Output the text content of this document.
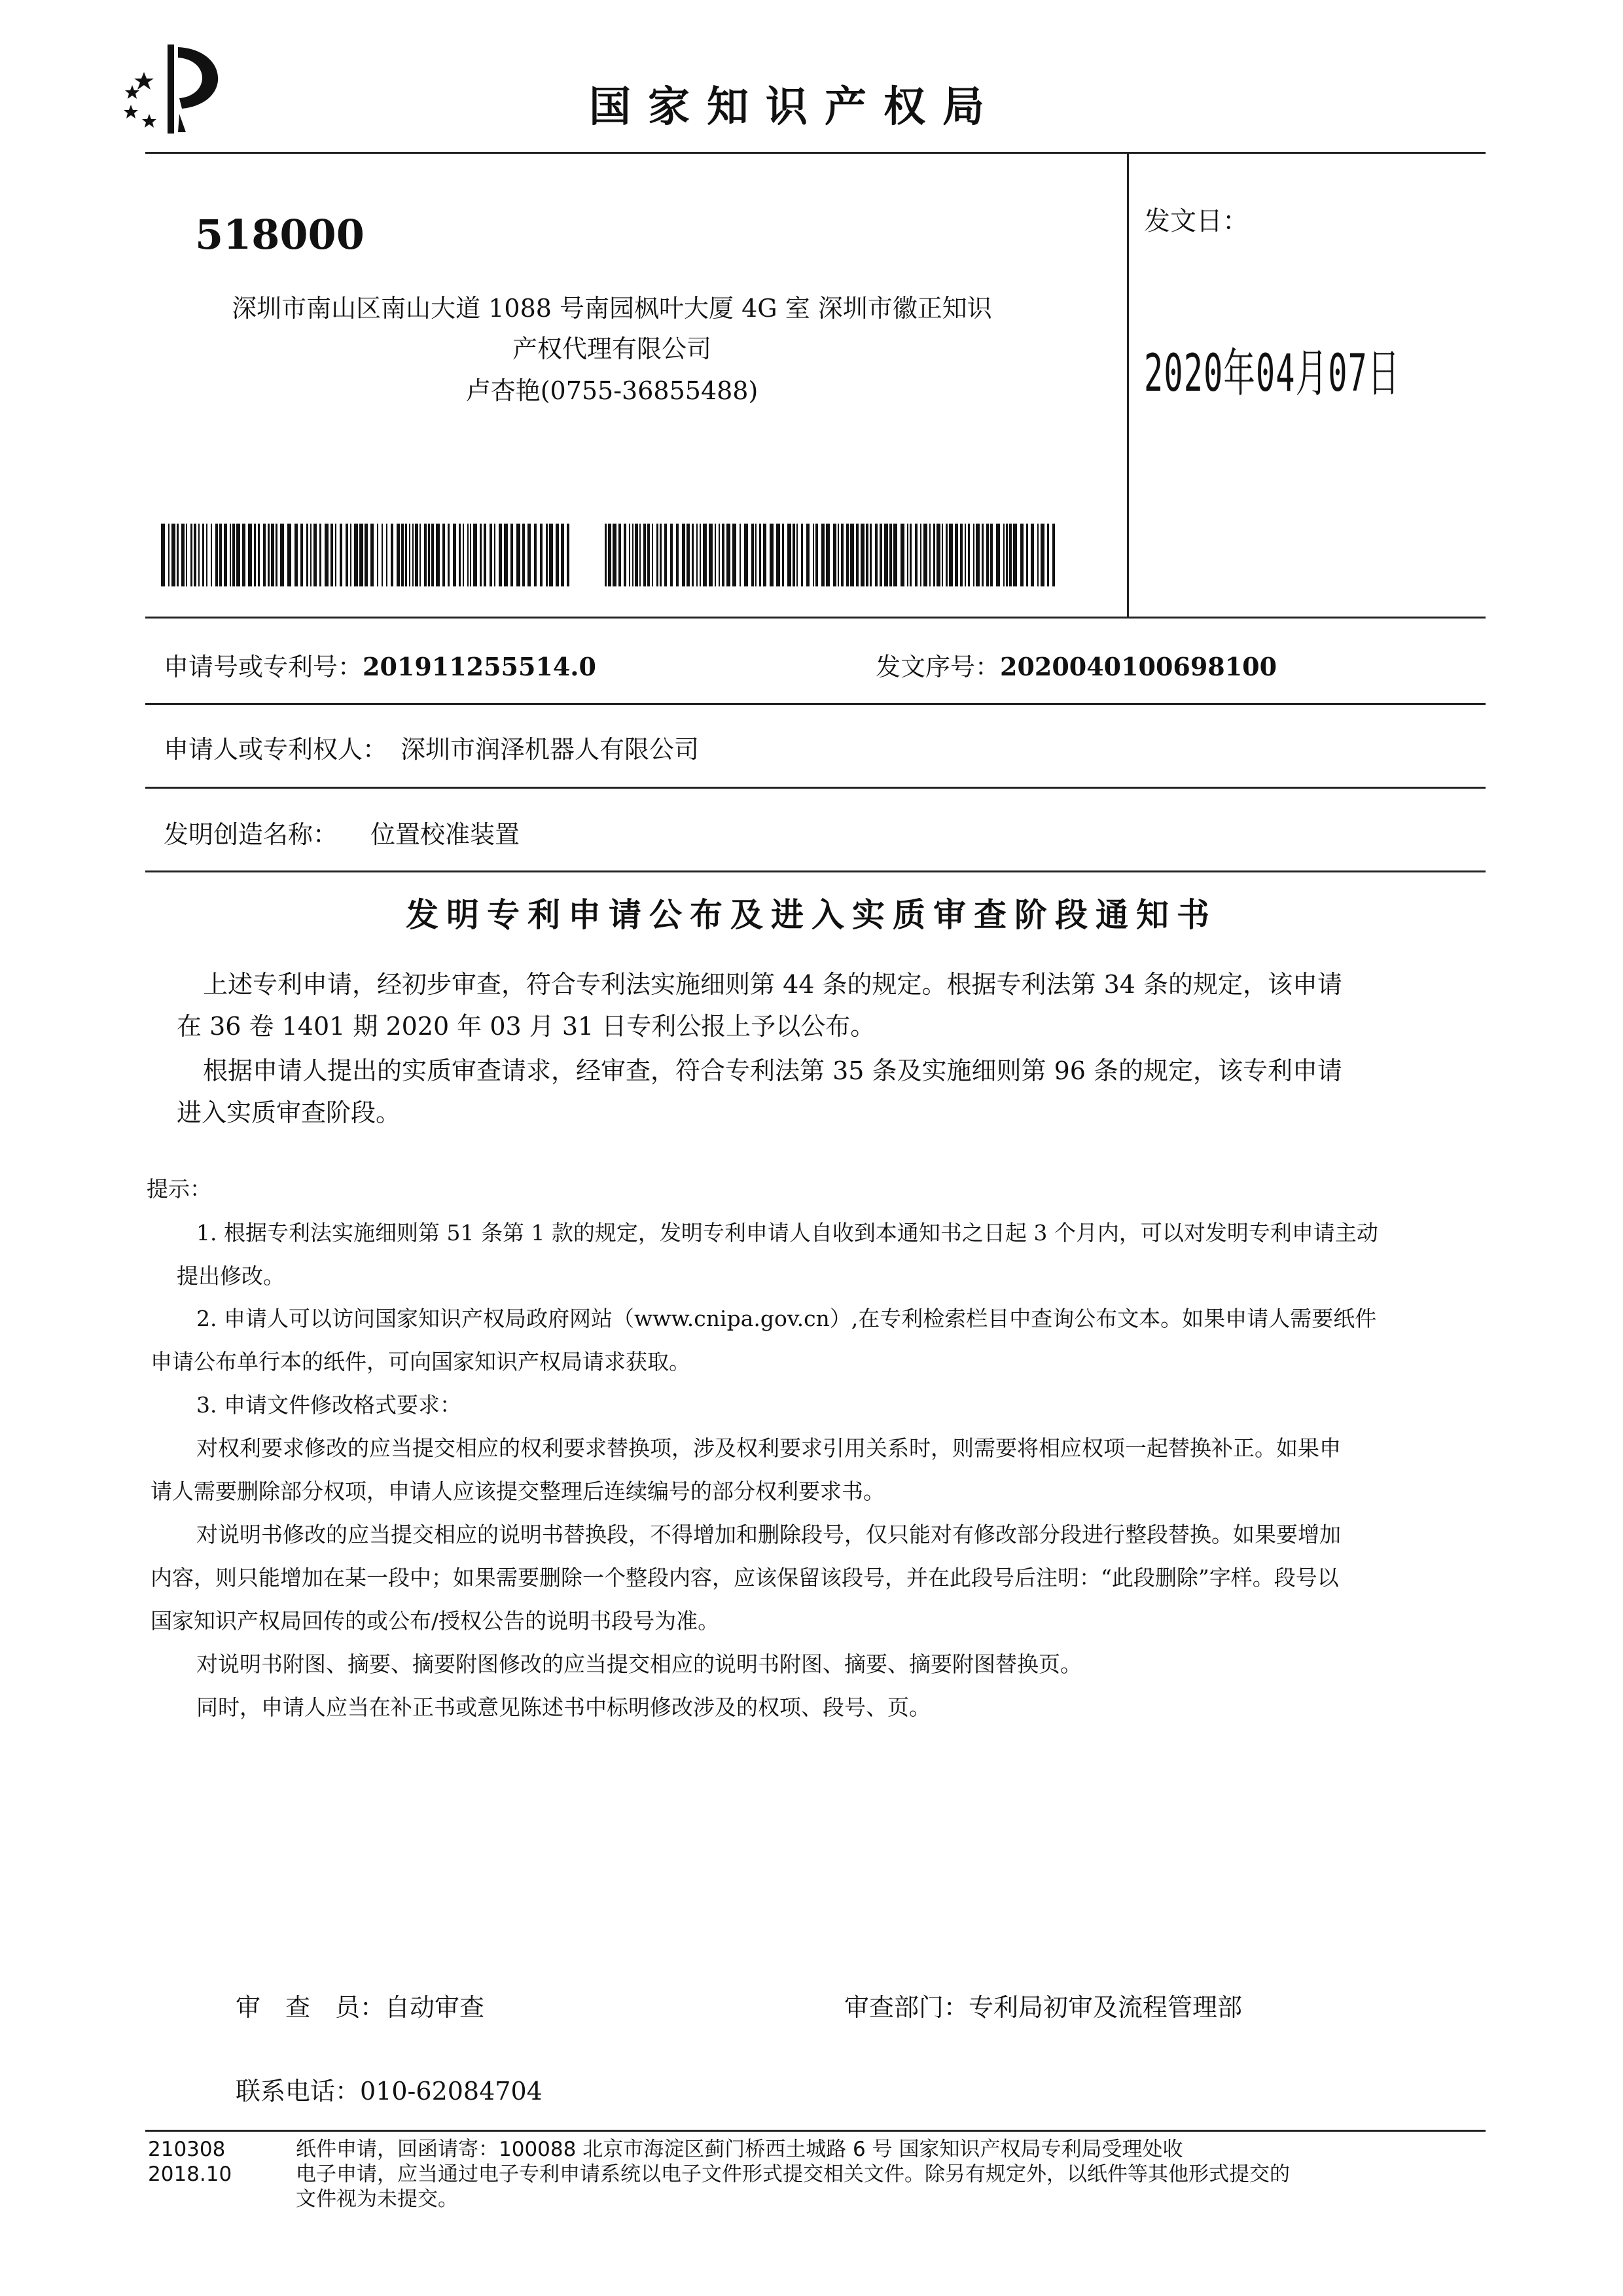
国家知识产权局
518000
深圳市南山区南山大道 1088 号南园枫叶大厦 4G 室 深圳市徽正知识
产权代理有限公司
卢杏艳(0755-36855488)
发文日：
2020年04月07日
申请号或专利号：201911255514.0	发文序号：2020040100698100
申请人或专利权人： 深圳市润泽机器人有限公司
发明创造名称： 位置校准装置
发明专利申请公布及进入实质审查阶段通知书
上述专利申请，经初步审查，符合专利法实施细则第 44 条的规定。根据专利法第 34 条的规定，该申请
在 36 卷 1401 期 2020 年 03 月 31 日专利公报上予以公布。
根据申请人提出的实质审查请求，经审查，符合专利法第 35 条及实施细则第 96 条的规定，该专利申请
进入实质审查阶段。
提示：
1. 根据专利法实施细则第 51 条第 1 款的规定，发明专利申请人自收到本通知书之日起 3 个月内，可以对发明专利申请主动
提出修改。
2. 申请人可以访问国家知识产权局政府网站（www.cnipa.gov.cn）,在专利检索栏目中查询公布文本。如果申请人需要纸件
申请公布单行本的纸件，可向国家知识产权局请求获取。
3. 申请文件修改格式要求：
对权利要求修改的应当提交相应的权利要求替换项，涉及权利要求引用关系时，则需要将相应权项一起替换补正。如果申
请人需要删除部分权项，申请人应该提交整理后连续编号的部分权利要求书。
对说明书修改的应当提交相应的说明书替换段，不得增加和删除段号，仅只能对有修改部分段进行整段替换。如果要增加
内容，则只能增加在某一段中；如果需要删除一个整段内容，应该保留该段号，并在此段号后注明：“此段删除”字样。段号以
国家知识产权局回传的或公布/授权公告的说明书段号为准。
对说明书附图、摘要、摘要附图修改的应当提交相应的说明书附图、摘要、摘要附图替换页。
同时，申请人应当在补正书或意见陈述书中标明修改涉及的权项、段号、页。
审　查　员：自动审查	审查部门：专利局初审及流程管理部
联系电话：010-62084704
210308
2018.10
纸件申请，回函请寄：100088 北京市海淀区蓟门桥西土城路 6 号 国家知识产权局专利局受理处收
电子申请，应当通过电子专利申请系统以电子文件形式提交相关文件。除另有规定外，以纸件等其他形式提交的
文件视为未提交。
